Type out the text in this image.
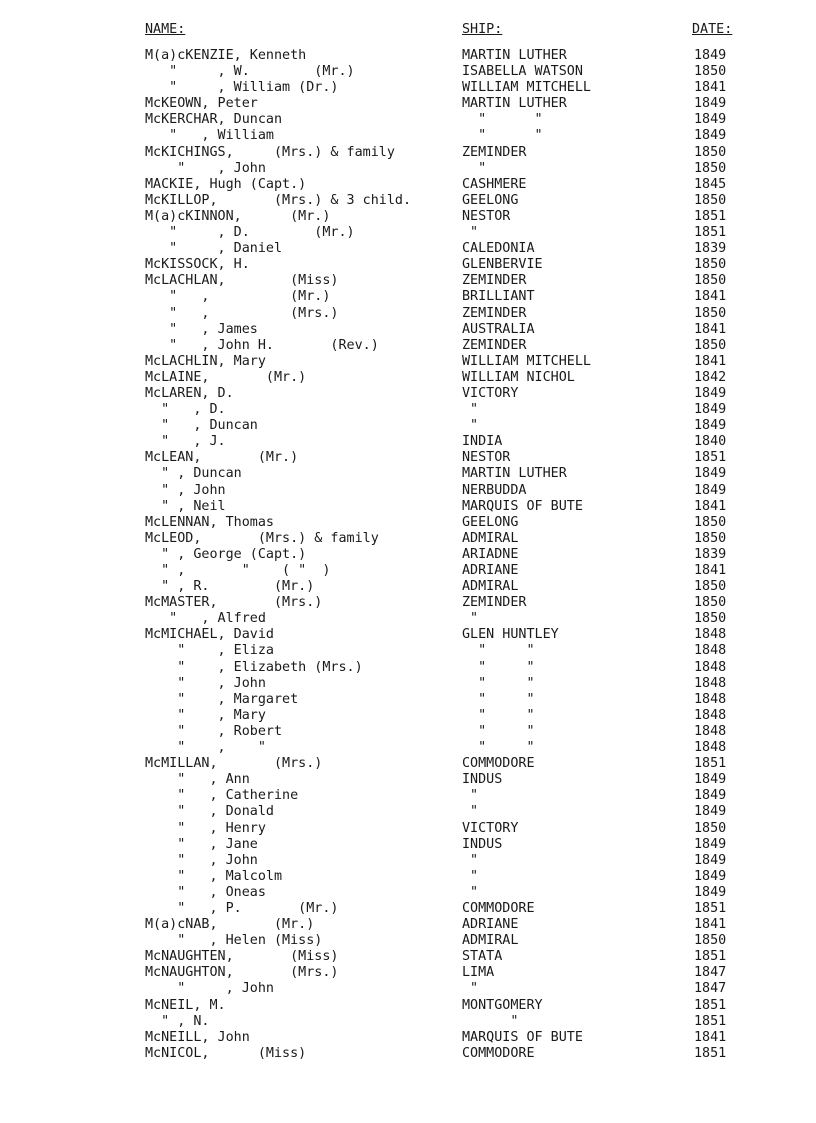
NAME:	SHIP:	DATE:
M(a)cKENZIE, Kenneth	MARTIN LUTHER	1849
"     , W.        (Mr.)	ISABELLA WATSON	1850
"     , William (Dr.)	WILLIAM MITCHELL	1841
McKEOWN, Peter	MARTIN LUTHER	1849
McKERCHAR, Duncan	"      "	1849
"   , William	"      "	1849
McKICHINGS,     (Mrs.) & family	ZEMINDER	1850
"    , John	"	1850
MACKIE, Hugh (Capt.)	CASHMERE	1845
McKILLOP,       (Mrs.) & 3 child.	GEELONG	1850
M(a)cKINNON,      (Mr.)	NESTOR	1851
"     , D.        (Mr.)	"	1851
"     , Daniel	CALEDONIA	1839
McKISSOCK, H.	GLENBERVIE	1850
McLACHLAN,        (Miss)	ZEMINDER	1850
"   ,          (Mr.)	BRILLIANT	1841
"   ,          (Mrs.)	ZEMINDER	1850
"   , James	AUSTRALIA	1841
"   , John H.       (Rev.)	ZEMINDER	1850
McLACHLIN, Mary	WILLIAM MITCHELL	1841
McLAINE,       (Mr.)	WILLIAM NICHOL	1842
McLAREN, D.	VICTORY	1849
"   , D.	"	1849
"   , Duncan	"	1849
"   , J.	INDIA	1840
McLEAN,       (Mr.)	NESTOR	1851
" , Duncan	MARTIN LUTHER	1849
" , John	NERBUDDA	1849
" , Neil	MARQUIS OF BUTE	1841
McLENNAN, Thomas	GEELONG	1850
McLEOD,       (Mrs.) & family	ADMIRAL	1850
" , George (Capt.)	ARIADNE	1839
" ,       "    ( "  )	ADRIANE	1841
" , R.        (Mr.)	ADMIRAL	1850
McMASTER,       (Mrs.)	ZEMINDER	1850
"   , Alfred	"	1850
McMICHAEL, David	GLEN HUNTLEY	1848
"    , Eliza	"     "	1848
"    , Elizabeth (Mrs.)	"     "	1848
"    , John	"     "	1848
"    , Margaret	"     "	1848
"    , Mary	"     "	1848
"    , Robert	"     "	1848
"    ,    "	"     "	1848
McMILLAN,       (Mrs.)	COMMODORE	1851
"   , Ann	INDUS	1849
"   , Catherine	"	1849
"   , Donald	"	1849
"   , Henry	VICTORY	1850
"   , Jane	INDUS	1849
"   , John	"	1849
"   , Malcolm	"	1849
"   , Oneas	"	1849
"   , P.       (Mr.)	COMMODORE	1851
M(a)cNAB,       (Mr.)	ADRIANE	1841
"   , Helen (Miss)	ADMIRAL	1850
McNAUGHTEN,       (Miss)	STATA	1851
McNAUGHTON,       (Mrs.)	LIMA	1847
"     , John	"	1847
McNEIL, M.	MONTGOMERY	1851
" , N.	"	1851
McNEILL, John	MARQUIS OF BUTE	1841
McNICOL,      (Miss)	COMMODORE	1851
